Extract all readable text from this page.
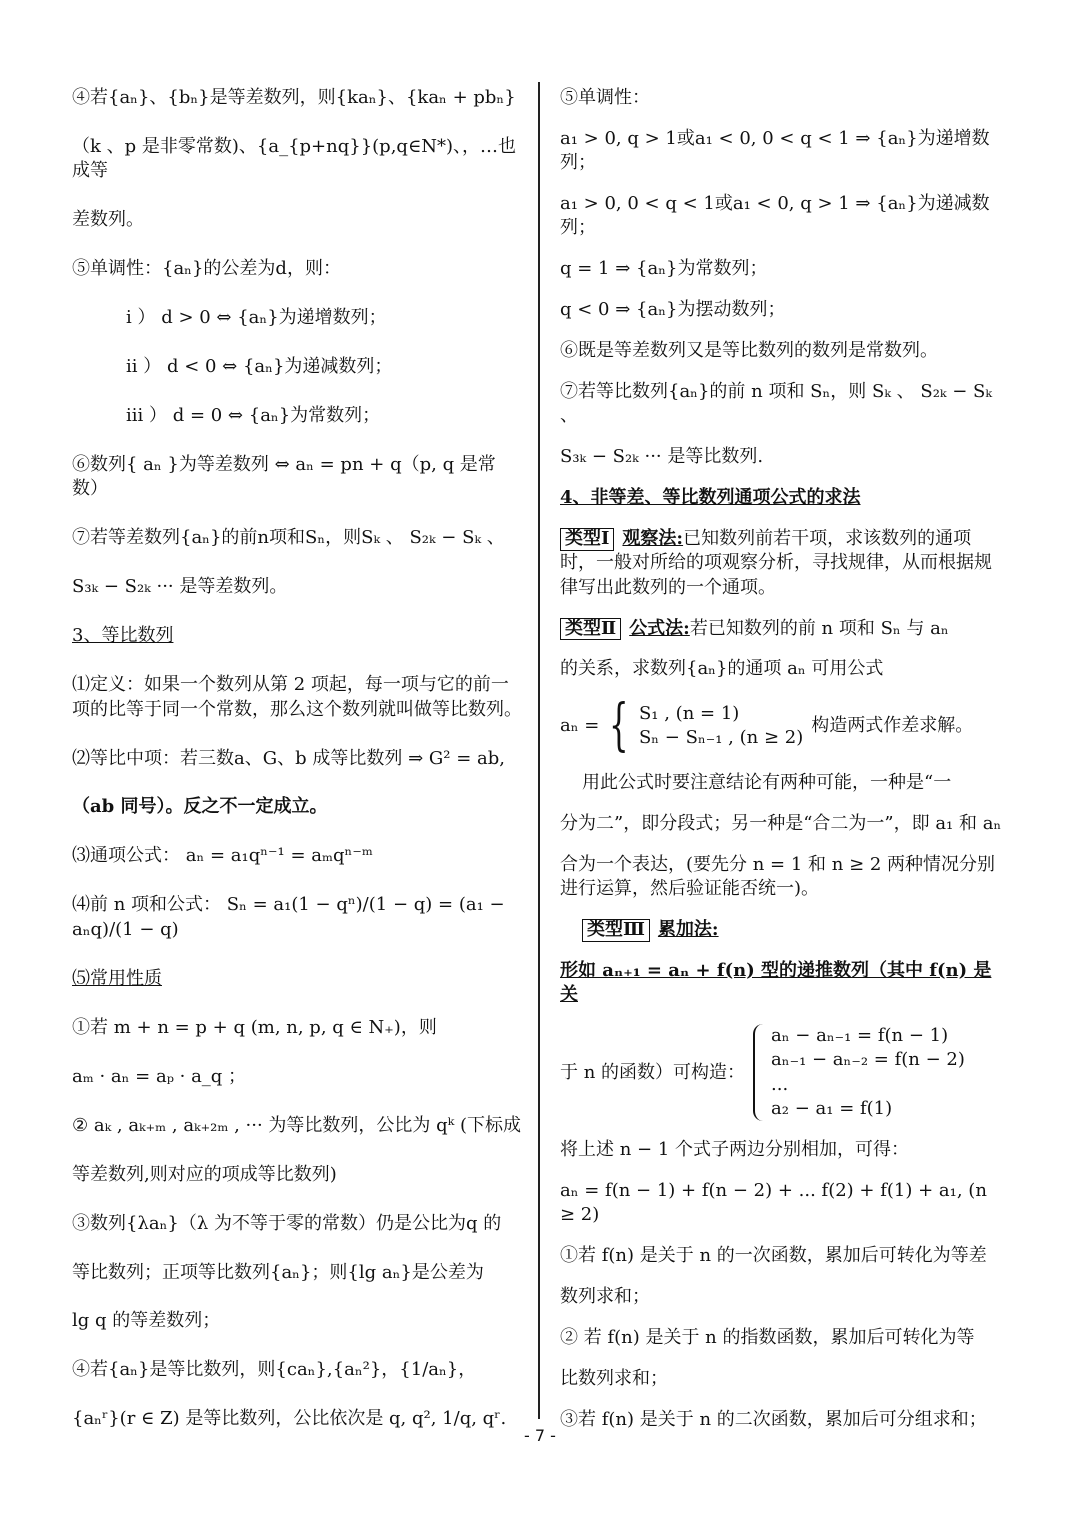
④若{aₙ}、{bₙ}是等差数列，则{kaₙ}、{kaₙ + pbₙ}

（k 、p 是非零常数)、{a_{p+nq}}(p,q∈N*)、，…也成等

差数列。

⑤单调性：{aₙ}的公差为d，则：

i ） d > 0 ⇔ {aₙ}为递增数列；

ii ） d < 0 ⇔ {aₙ}为递减数列；

iii ） d = 0 ⇔ {aₙ}为常数列；

⑥数列{ aₙ }为等差数列 ⇔ aₙ = pn + q（p, q 是常数）

⑦若等差数列{aₙ}的前n项和Sₙ，则Sₖ 、 S₂ₖ − Sₖ 、

S₃ₖ − S₂ₖ ··· 是等差数列。

3、等比数列

⑴定义：如果一个数列从第 2 项起，每一项与它的前一项的比等于同一个常数，那么这个数列就叫做等比数列。

⑵等比中项：若三数a、G、b 成等比数列 ⇒ G² = ab,

（ab 同号）。反之不一定成立。

⑶通项公式： aₙ = a₁qⁿ⁻¹ = aₘqⁿ⁻ᵐ

⑷前 n 项和公式： Sₙ = a₁(1 − qⁿ)/(1 − q) = (a₁ − aₙq)/(1 − q)

⑸常用性质

①若 m + n = p + q (m, n, p, q ∈ N₊)，则

aₘ · aₙ = aₚ · a_q ；

② aₖ , aₖ₊ₘ , aₖ₊₂ₘ , ··· 为等比数列，公比为 qᵏ (下标成

等差数列,则对应的项成等比数列)

③数列{λaₙ}（λ 为不等于零的常数）仍是公比为q 的

等比数列；正项等比数列{aₙ}；则{lg aₙ}是公差为

lg q 的等差数列；

④若{aₙ}是等比数列，则{caₙ},{aₙ²}，{1/aₙ}，

{aₙʳ}(r ∈ Z) 是等比数列，公比依次是 q, q², 1/q, qʳ.

⑤单调性：

a₁ > 0, q > 1或a₁ < 0, 0 < q < 1 ⇒ {aₙ}为递增数列；

a₁ > 0, 0 < q < 1或a₁ < 0, q > 1 ⇒ {aₙ}为递减数列；

q = 1 ⇒ {aₙ}为常数列；

q < 0 ⇒ {aₙ}为摆动数列；

⑥既是等差数列又是等比数列的数列是常数列。

⑦若等比数列{aₙ}的前 n 项和 Sₙ，则 Sₖ 、 S₂ₖ − Sₖ 、

S₃ₖ − S₂ₖ ··· 是等比数列.

4、非等差、等比数列通项公式的求法

类型Ⅰ 观察法:已知数列前若干项，求该数列的通项时，一般对所给的项观察分析，寻找规律，从而根据规律写出此数列的一个通项。

类型Ⅱ 公式法:若已知数列的前 n 项和 Sₙ 与 aₙ

的关系，求数列{aₙ}的通项 aₙ 可用公式

aₙ = { S₁ , (n = 1)
Sₙ − Sₙ₋₁ , (n ≥ 2)
构造两式作差求解。

用此公式时要注意结论有两种可能，一种是“一

分为二”，即分段式；另一种是“合二为一”，即 a₁ 和 aₙ

合为一个表达，(要先分 n = 1 和 n ≥ 2 两种情况分别进行运算，然后验证能否统一)。

类型Ⅲ 累加法:

形如 aₙ₊₁ = aₙ + f(n) 型的递推数列（其中 f(n) 是关

于 n 的函数）可构造：
aₙ − aₙ₋₁ = f(n − 1)
aₙ₋₁ − aₙ₋₂ = f(n − 2)
...
a₂ − a₁ = f(1)

将上述 n − 1 个式子两边分别相加，可得：

aₙ = f(n − 1) + f(n − 2) + ... f(2) + f(1) + a₁, (n ≥ 2)

①若 f(n) 是关于 n 的一次函数，累加后可转化为等差

数列求和；

② 若 f(n) 是关于 n 的指数函数，累加后可转化为等

比数列求和；

③若 f(n) 是关于 n 的二次函数，累加后可分组求和；

- 7 -
